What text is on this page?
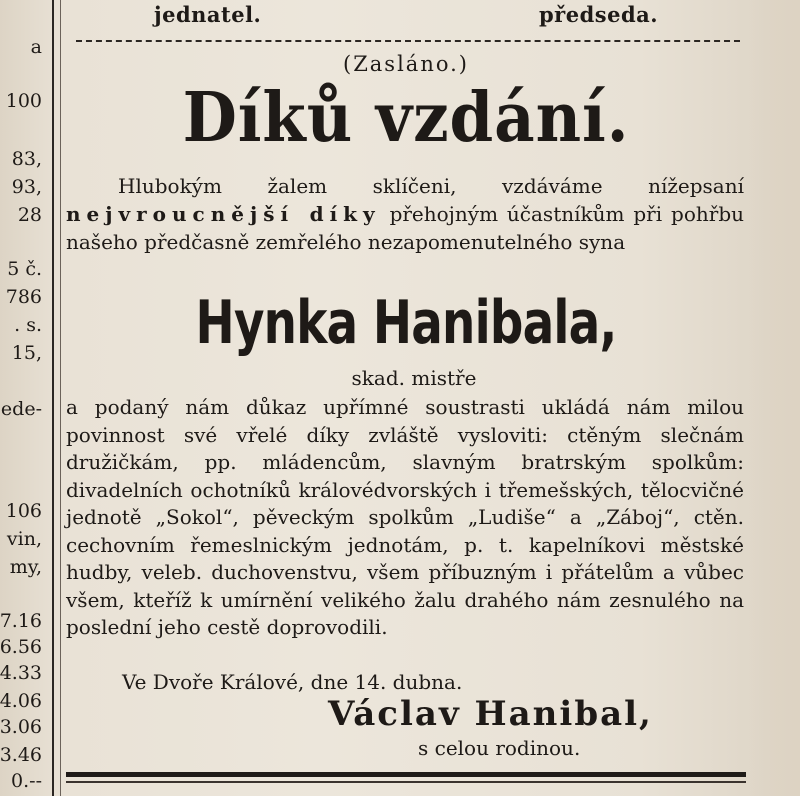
a
100
83,
93,
28
5 č.
786
. s.
15,
ede-
106
vin,
my,
7.16
6.56
4.33
4.06
3.06
3.46
0.--
jednatel.	předseda.
(Zasláno.)
Díků vzdání.
Hlubokým žalem sklíčeni, vzdáváme nížepsaní nejvroucnější díky přehojným účastníkům při pohřbu našeho předčasně zemřelého nezapomenutelného syna
Hynka Hanibala,
skad. mistře
a podaný nám důkaz upřímné soustrasti ukládá nám milou povinnost své vřelé díky zvláště vysloviti: ctěným slečnám družičkám, pp. mládencům, slavným bratrským spolkům: divadelních ochotníků královédvorských i třemešských, tělocvičné jednotě „Sokol“, pěveckým spolkům „Ludiše“ a „Záboj“, ctěn. cechovním řemeslnickým jednotám, p. t. kapelníkovi městské hudby, veleb. duchovenstvu, všem příbuzným i přátelům a vůbec všem, kteříž k umírnění velikého žalu drahého nám zesnulého na poslední jeho cestě doprovodili.
Ve Dvoře Králové, dne 14. dubna.
Václav Hanibal,
s celou rodinou.
